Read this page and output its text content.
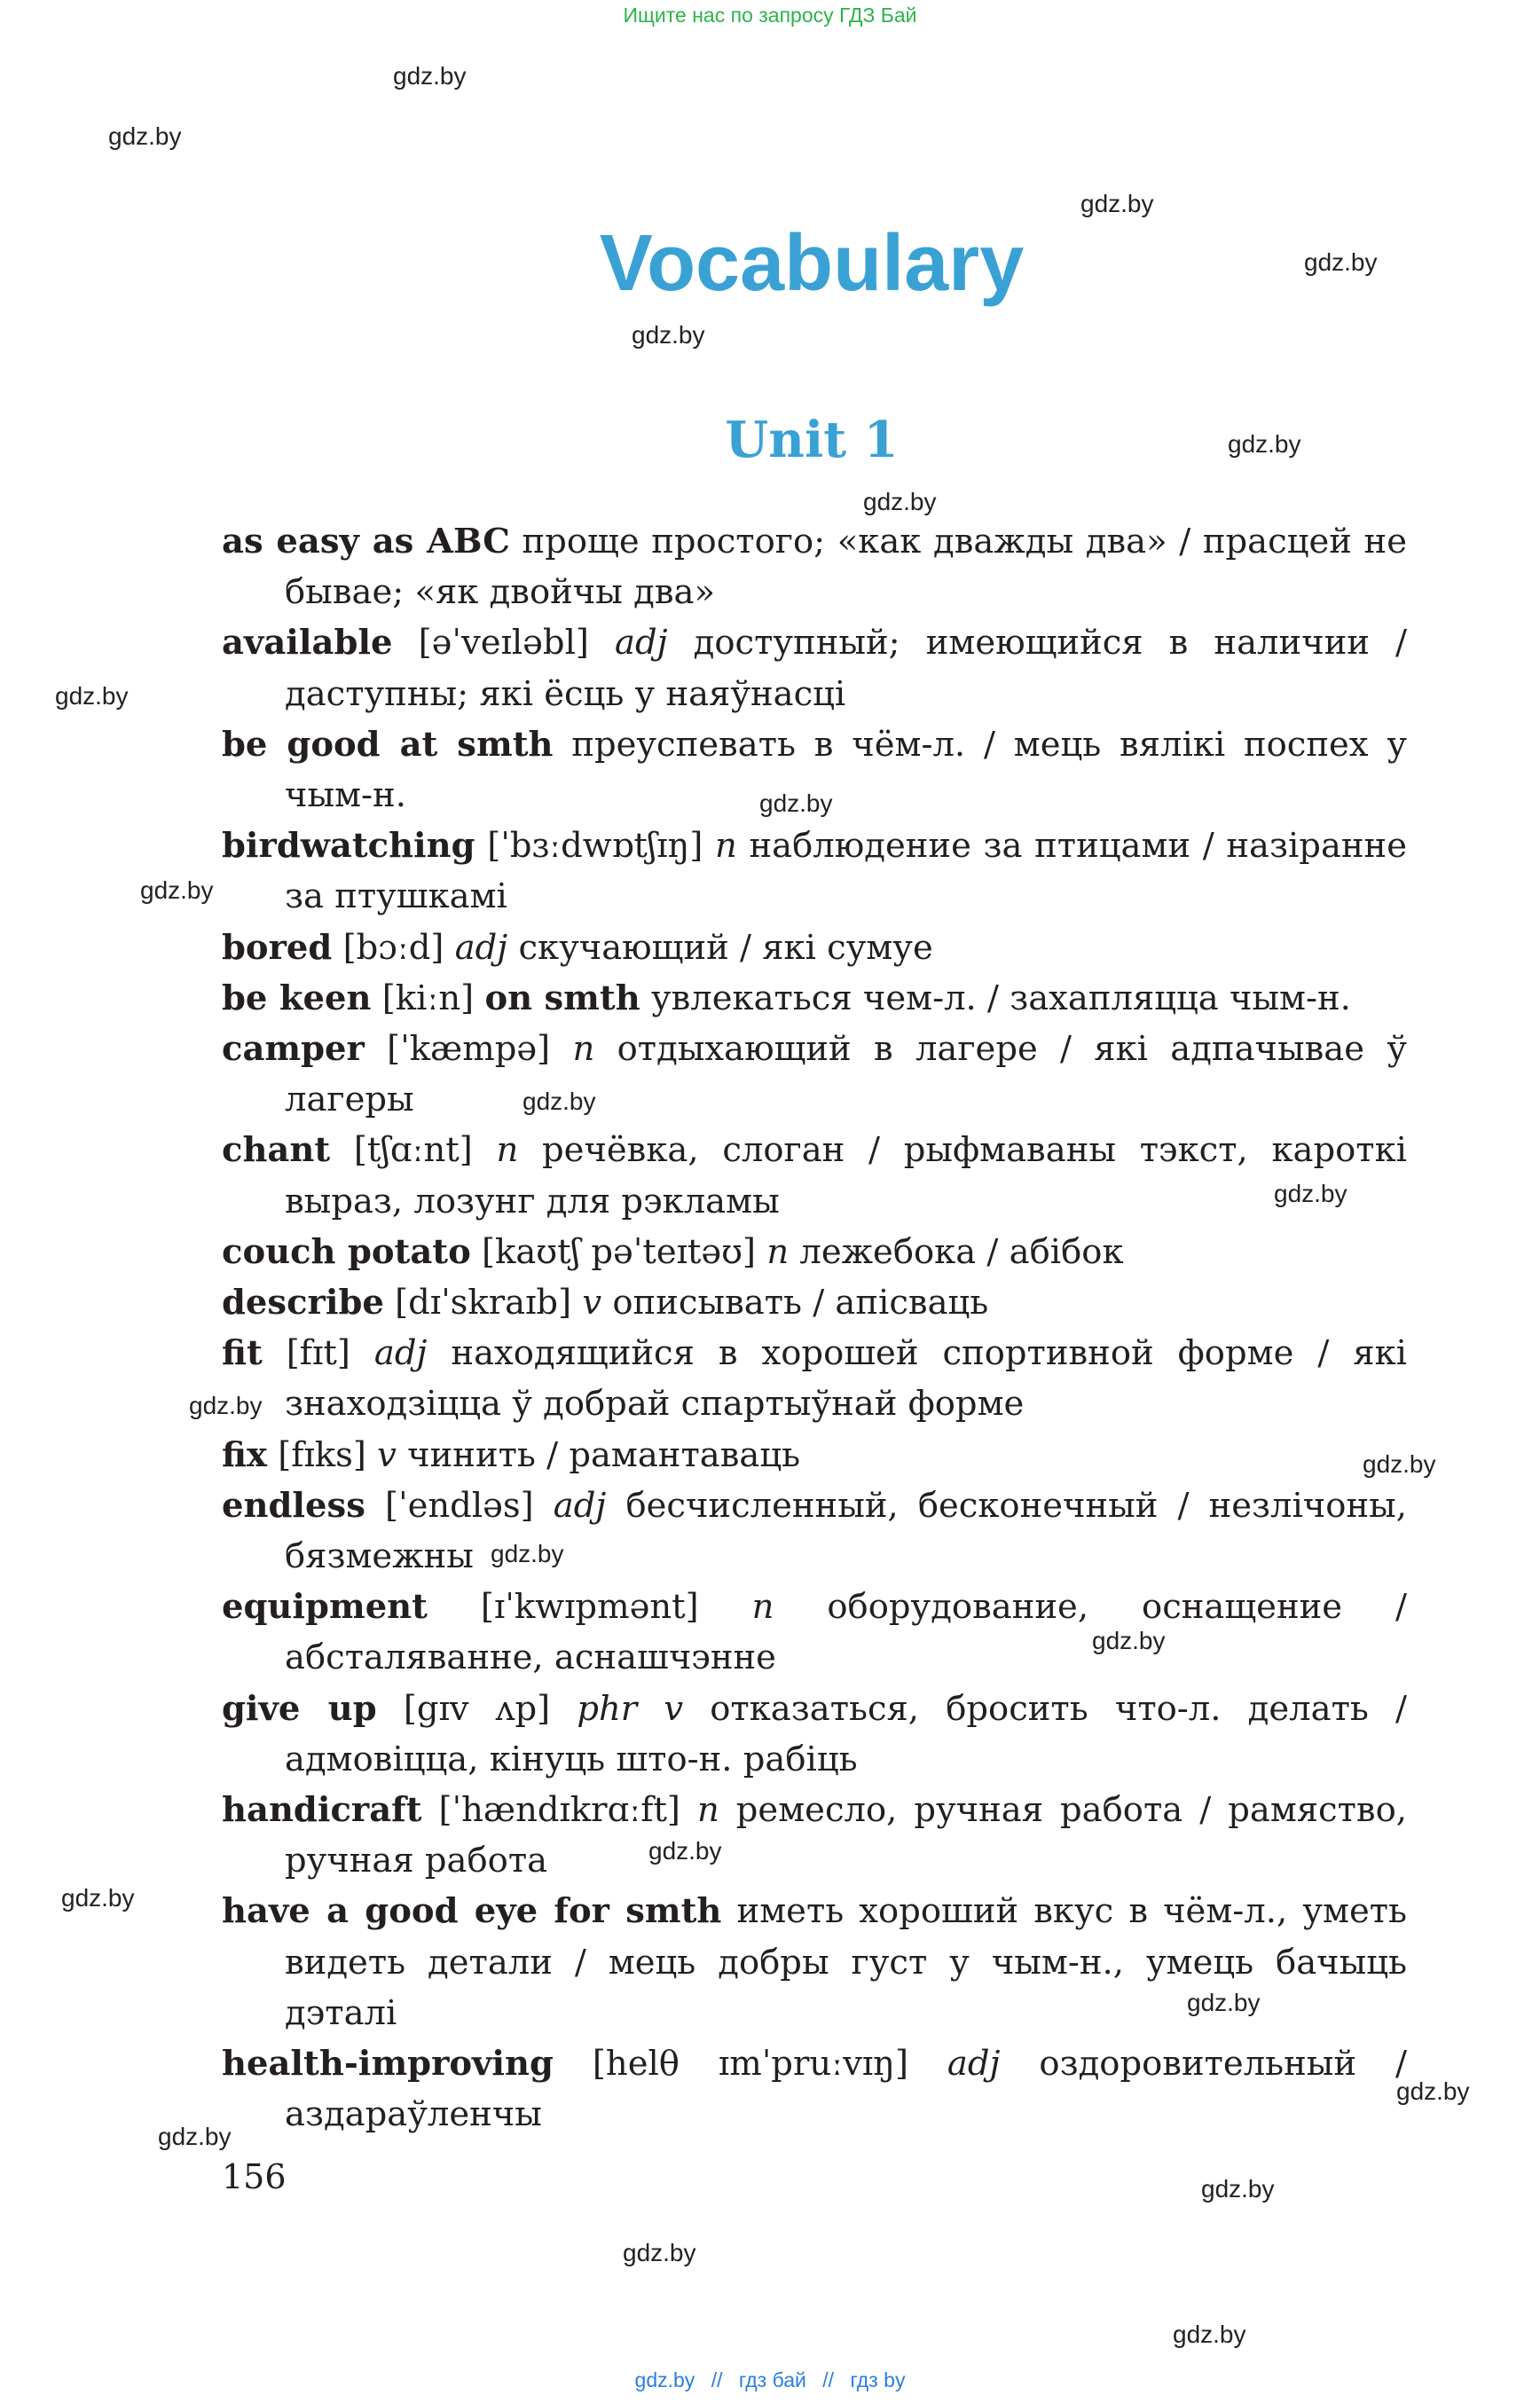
Ищите нас по запросу ГДЗ Бай
Vocabulary
Unit 1
as easy as ABC проще простого; «как дважды два» / прасцей не бывае; «як двойчы два»
available [əˈveɪləbl] adj доступный; имеющийся в наличии / даступны; які ёсць у наяўнасці
be good at smth преуспевать в чём-л. / мець вялікі поспех у чым-н.
birdwatching [ˈbɜːdwɒtʃɪŋ] n наблюдение за птицами / назіранне за птушкамі
bored [bɔːd] adj скучающий / які сумуе
be keen [kiːn] on smth увлекаться чем-л. / захапляцца чым-н.
camper [ˈkæmpə] n отдыхающий в лагере / які адпачывае ў лагеры
chant [tʃɑːnt] n речёвка, слоган / рыфмаваны тэкст, кароткі выраз, лозунг для рэкламы
couch potato [kaʊtʃ pəˈteɪtəʊ] n лежебока / абібок
describe [dɪˈskraɪb] v описывать / апісваць
fit [fɪt] adj находящийся в хорошей спортивной форме / які знаходзіцца ў добрай спартыўнай форме
fix [fɪks] v чинить / рамантаваць
endless [ˈendləs] adj бесчисленный, бесконечный / незлічоны, бязмежны
equipment [ɪˈkwɪpmənt] n оборудование, оснащение / абсталяванне, аснашчэнне
give up [gɪv ʌp] phr v отказаться, бросить что-л. делать / адмовіцца, кінуць што-н. рабіць
handicraft [ˈhændɪkrɑːft] n ремесло, ручная работа / рамяство, ручная работа
have a good eye for smth иметь хороший вкус в чём-л., уметь видеть детали / мець добры густ у чым-н., умець бачыць дэталі
health-improving [helθ ɪmˈpruːvɪŋ] adj оздоровительный / аздараўленчы
156
gdz.by
gdz.by
gdz.by
gdz.by
gdz.by
gdz.by
gdz.by
gdz.by
gdz.by
gdz.by
gdz.by
gdz.by
gdz.by
gdz.by
gdz.by
gdz.by
gdz.by
gdz.by
gdz.by
gdz.by
gdz.by
gdz.by
gdz.by
gdz.by
gdz.by // гдз бай // гдз by
